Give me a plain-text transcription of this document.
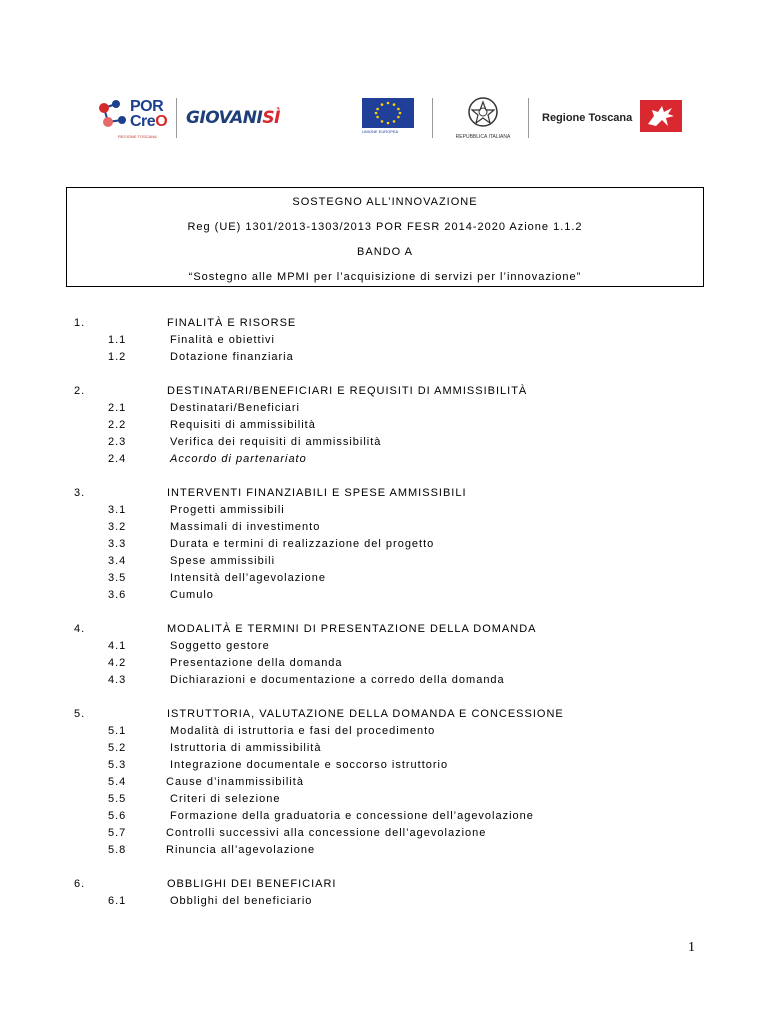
POR
CreO
REGIONE TOSCANA
GIOVANISÌ
UNIONE EUROPEA
REPUBBLICA ITALIANA
Regione Toscana
SOSTEGNO ALL’INNOVAZIONE
Reg (UE) 1301/2013-1303/2013 POR FESR 2014-2020 Azione 1.1.2
BANDO A
“Sostegno alle MPMI per l’acquisizione di servizi per l’innovazione”
1.	FINALITÀ E RISORSE
1.1	Finalità e obiettivi
1.2	Dotazione finanziaria
2.	DESTINATARI/BENEFICIARI E REQUISITI DI AMMISSIBILITÀ
2.1	Destinatari/Beneficiari
2.2	Requisiti di ammissibilità
2.3	Verifica dei requisiti di ammissibilità
2.4	Accordo di partenariato
3.	INTERVENTI FINANZIABILI E SPESE AMMISSIBILI
3.1	Progetti ammissibili
3.2	Massimali di investimento
3.3	Durata e termini di realizzazione del progetto
3.4	Spese ammissibili
3.5	Intensità dell’agevolazione
3.6	Cumulo
4.	MODALITÀ E TERMINI DI PRESENTAZIONE DELLA DOMANDA
4.1	Soggetto gestore
4.2	Presentazione della domanda
4.3	Dichiarazioni e documentazione a corredo della domanda
5.	ISTRUTTORIA, VALUTAZIONE DELLA DOMANDA E CONCESSIONE
5.1	Modalità di istruttoria e fasi del procedimento
5.2	Istruttoria di ammissibilità
5.3	Integrazione documentale e soccorso istruttorio
5.4	Cause d’inammissibilità
5.5	Criteri di selezione
5.6	Formazione della graduatoria e concessione dell’agevolazione
5.7	Controlli successivi alla concessione dell’agevolazione
5.8	Rinuncia all’agevolazione
6.	OBBLIGHI DEI BENEFICIARI
6.1	Obblighi del beneficiario
1
